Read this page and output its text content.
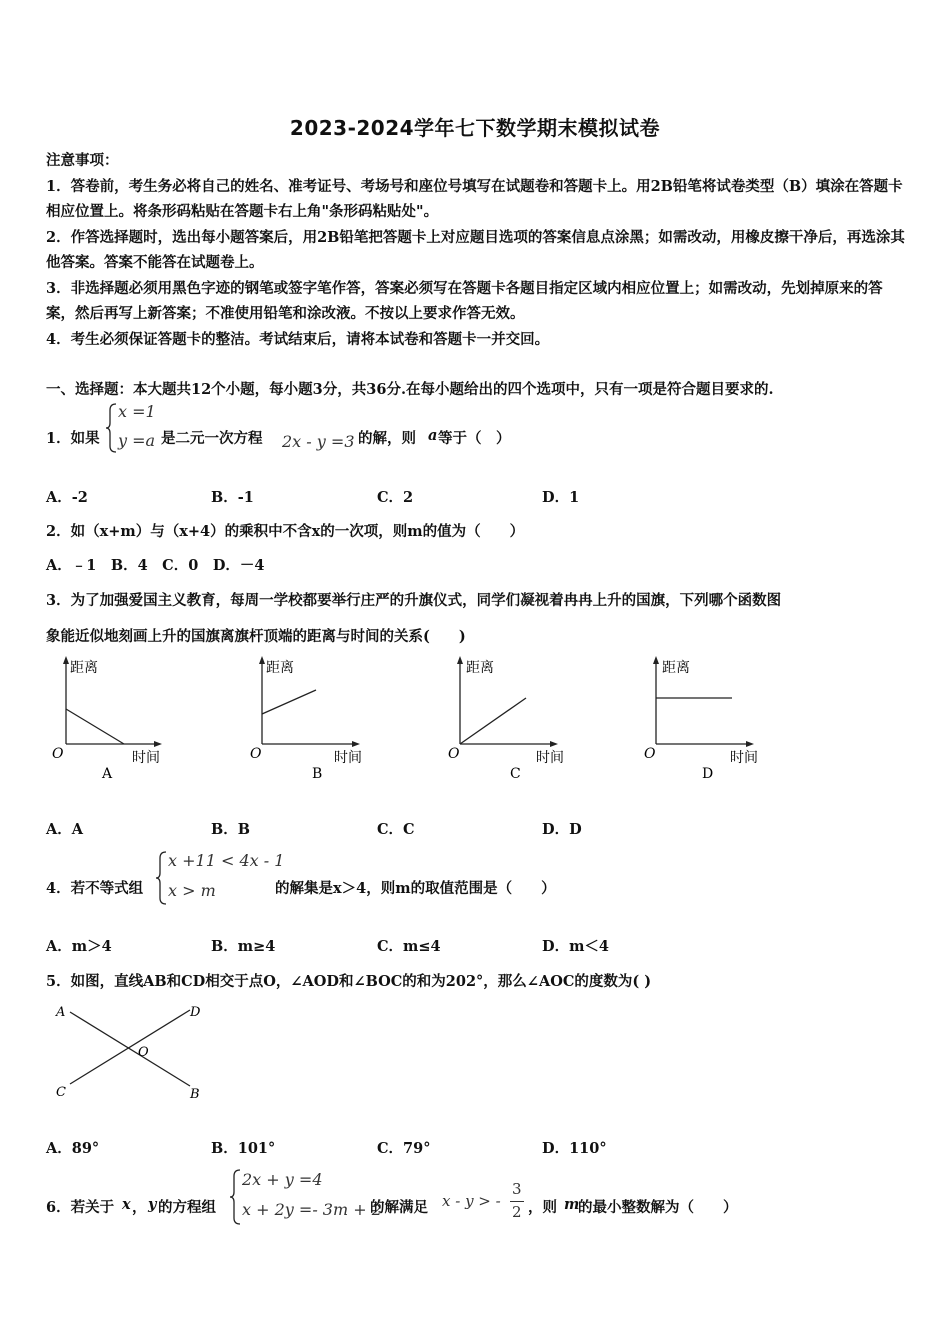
2023-2024学年七下数学期末模拟试卷
注意事项：
1．答卷前，考生务必将自己的姓名、准考证号、考场号和座位号填写在试题卷和答题卡上。用2B铅笔将试卷类型（B）填涂在答题卡相应位置上。将条形码粘贴在答题卡右上角"条形码粘贴处"。
2．作答选择题时，选出每小题答案后，用2B铅笔把答题卡上对应题目选项的答案信息点涂黑；如需改动，用橡皮擦干净后，再选涂其他答案。答案不能答在试题卷上。
3．非选择题必须用黑色字迹的钢笔或签字笔作答，答案必须写在答题卡各题目指定区域内相应位置上；如需改动，先划掉原来的答案，然后再写上新答案；不准使用铅笔和涂改液。不按以上要求作答无效。
4．考生必须保证答题卡的整洁。考试结束后，请将本试卷和答题卡一并交回。
一、选择题：本大题共12个小题，每小题3分，共36分.在每小题给出的四个选项中，只有一项是符合题目要求的.
1．如果
x =1
y =a 是二元一次方程 2x - y =3 的解，则 a 等于（　）
A．-2	B．-1	C．2	D．1
2．如（x+m）与（x+4）的乘积中不含x的一次项，则m的值为（　　）
A．﹣1　B．4　C．0　D．－4
3．为了加强爱国主义教育，每周一学校都要举行庄严的升旗仪式，同学们凝视着冉冉上升的国旗，下列哪个函数图
象能近似地刻画上升的国旗离旗杆顶端的距离与时间的关系(　　)
距离
时间
O
A
距离
时间
O
B
距离
时间
O
C
距离
时间
O
D
A．A	B．B	C．C	D．D
4．若不等式组
x +11 < 4x - 1
x > m	的解集是x＞4，则m的取值范围是（　　）
A．m＞4	B．m≥4	C．m≤4	D．m＜4
5．如图，直线AB和CD相交于点O，∠AOD和∠BOC的和为202°，那么∠AOC的度数为( )
A	D
O
C	B
A．89°	B．101°	C．79°	D．110°
6．若关于 x ， y 的方程组
2x + y =4
x + 2y =- 3m + 2
的解满足 x - y > -
3
2 ，则 m
的最小整数解为（　　）
